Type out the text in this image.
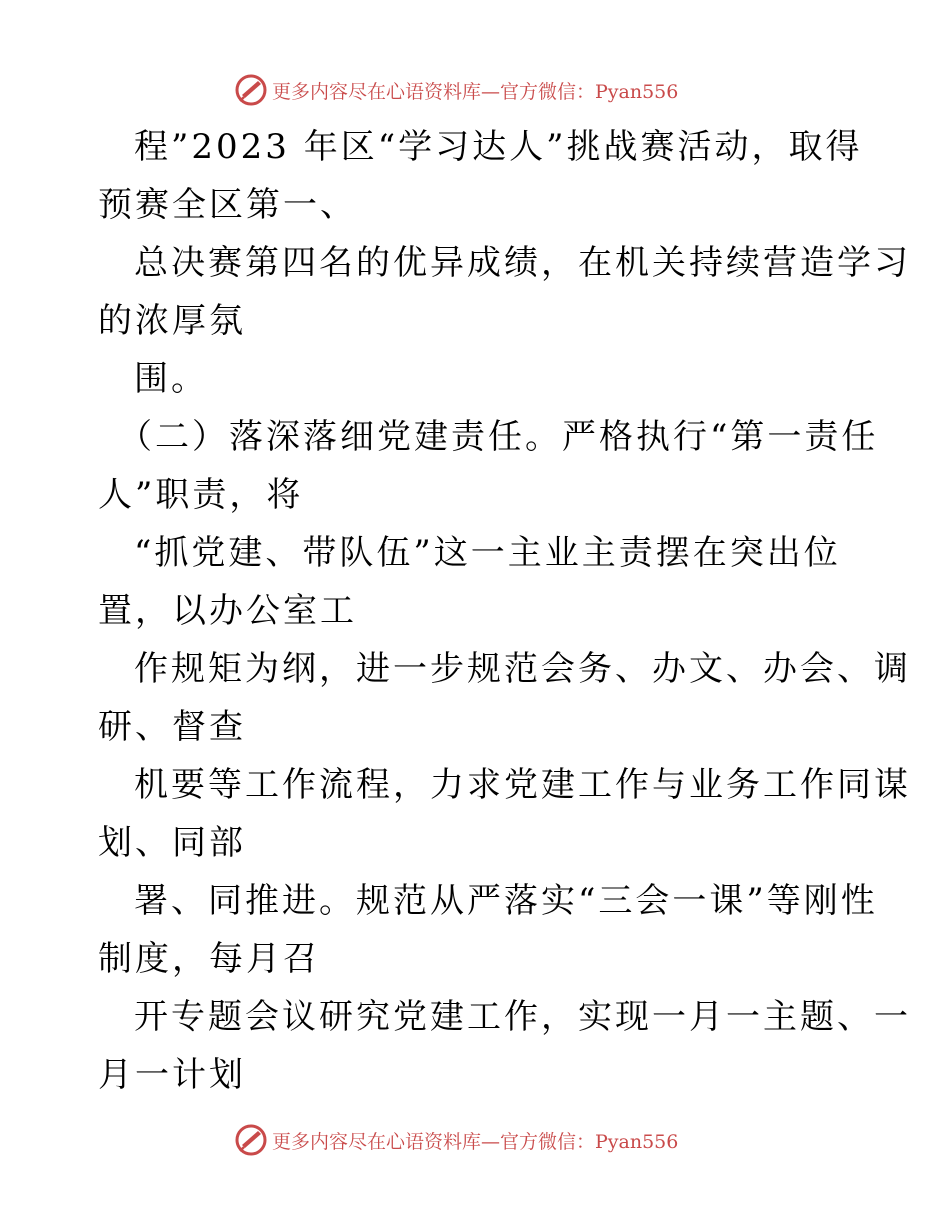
更多内容尽在心语资料库—官方微信：Pyan556
程”2023 年区“学习达人”挑战赛活动，取得
预赛全区第一、
总决赛第四名的优异成绩，在机关持续营造学习
的浓厚氛
围。
（二）落深落细党建责任。严格执行“第一责任
人”职责，将
“抓党建、带队伍”这一主业主责摆在突出位
置，以办公室工
作规矩为纲，进一步规范会务、办文、办会、调
研、督查
机要等工作流程，力求党建工作与业务工作同谋
划、同部
署、同推进。规范从严落实“三会一课”等刚性
制度，每月召
开专题会议研究党建工作，实现一月一主题、一
月一计划
更多内容尽在心语资料库—官方微信：Pyan556
